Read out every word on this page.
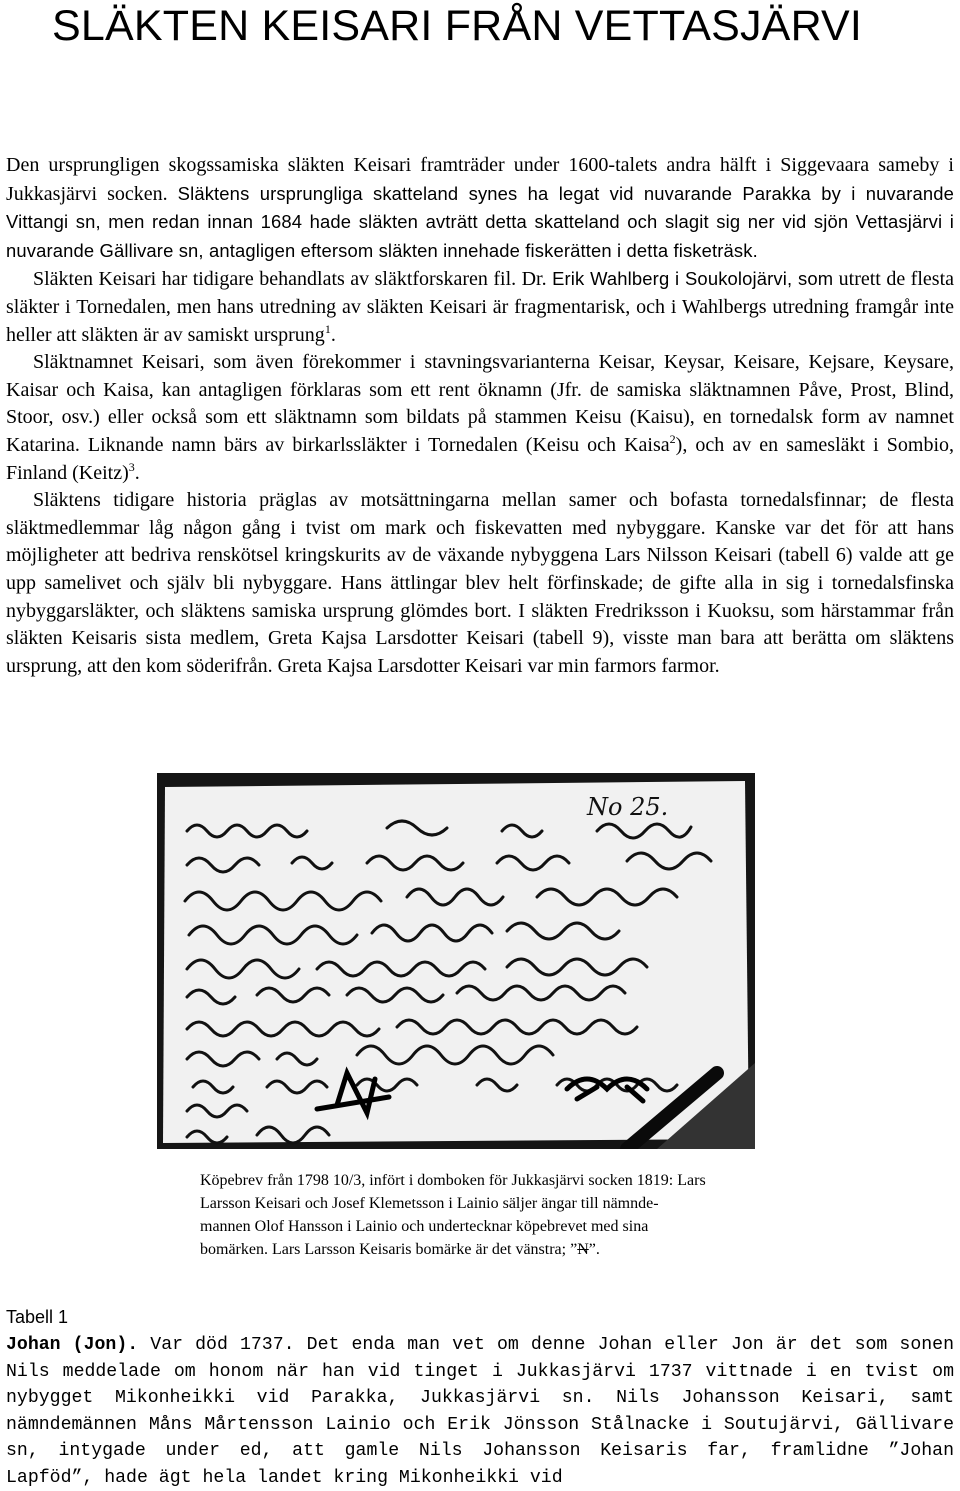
SLÄKTEN KEISARI FRÅN VETTASJÄRVI

Den ursprungligen skogssamiska släkten Keisari framträder under 1600-talets andra hälft i Siggevaara sameby i Jukkasjärvi socken. Släktens ursprungliga skatteland synes ha legat vid nuvarande Parakka by i nuvarande Vittangi sn, men redan innan 1684 hade släkten avträtt detta skatteland och slagit sig ner vid sjön Vettasjärvi i nuvarande Gällivare sn, antagligen eftersom släkten innehade fiskerätten i detta fisketräsk.

Släkten Keisari har tidigare behandlats av släktforskaren fil. Dr. Erik Wahlberg i Soukolojärvi, som utrett de flesta släkter i Tornedalen, men hans utredning av släkten Keisari är fragmentarisk, och i Wahlbergs utredning framgår inte heller att släkten är av samiskt ursprung$^1$.

Släktnamnet Keisari, som även förekommer i stavningsvarianterna Keisar, Keysar, Keisare, Kejsare, Keysare, Kaisar och Kaisa, kan antagligen förklaras som ett rent öknamn (Jfr. de samiska släktnamnen Påve, Prost, Blind, Stoor, osv.) eller också som ett släktnamn som bildats på stammen Keisu (Kaisu), en tornedalsk form av namnet Katarina. Liknande namn bärs av birkarlssläkter i Tornedalen (Keisu och Kaisa$^2$), och av en samesläkt i Sombio, Finland (Keitz)$^3$.

Släktens tidigare historia präglas av motsättningarna mellan samer och bofasta tornedalsfinnar; de flesta släktmedlemmar låg någon gång i tvist om mark och fiskevatten med nybyggare. Kanske var det för att hans möjligheter att bedriva renskötsel kringskurits av de växande nybyggena Lars Nilsson Keisari (tabell 6) valde att ge upp samelivet och själv bli nybyggare. Hans ättlingar blev helt förfinskade; de gifte alla in sig i tornedalsfinska nybyggarsläkter, och släktens samiska ursprung glömdes bort. I släkten Fredriksson i Kuoksu, som härstammar från släkten Keisaris sista medlem, Greta Kajsa Larsdotter Keisari (tabell 9), visste man bara att berätta om släktens ursprung, att den kom söderifrån. Greta Kajsa Larsdotter Keisari var min farmors farmor.

No 25.

Köpebrev från 1798 10/3, infört i domboken för Jukkasjärvi socken 1819: Lars
Larsson Keisari och Josef Klemetsson i Lainio säljer ängar till nämnde-
mannen Olof Hansson i Lainio och undertecknar köpebrevet med sina
bomärken. Lars Larsson Keisaris bomärke är det vänstra; ”N”.

Tabell 1

Johan (Jon). Var död 1737. Det enda man vet om denne Johan eller Jon är det som sonen Nils meddelade om honom när han vid tinget i Jukkasjärvi 1737 vittnade i en tvist om nybygget Mikonheikki vid Parakka, Jukkasjärvi sn. Nils Johansson Keisari, samt nämndemännen Måns Mårtensson Lainio och Erik Jönsson Stålnacke i Soutujärvi, Gällivare sn, intygade under ed, att gamle Nils Johansson Keisaris far, framlidne ”Johan Lapföd”, hade ägt hela landet kring Mikonheikki vid
